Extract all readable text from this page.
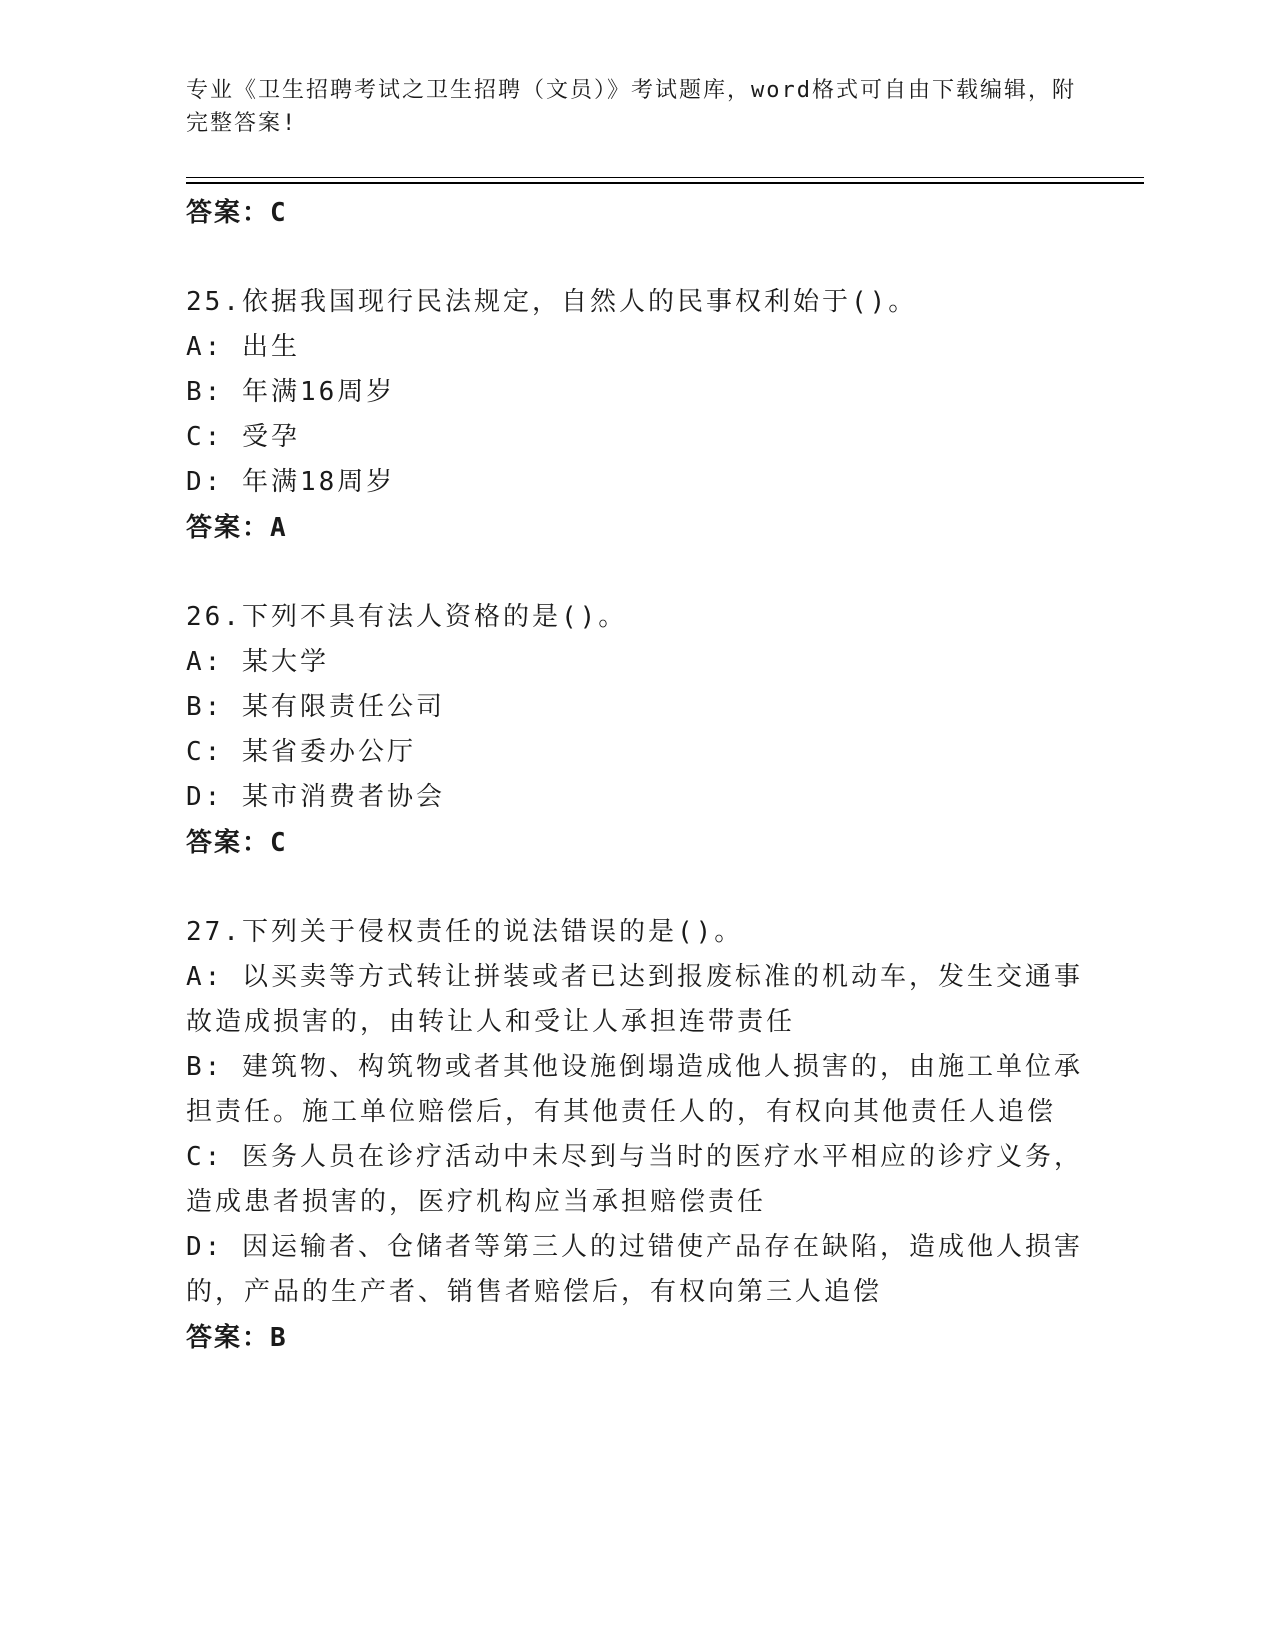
专业《卫生招聘考试之卫生招聘（文员）》考试题库，word格式可自由下载编辑，附完整答案!
答案：C
25.依据我国现行民法规定，自然人的民事权利始于()。
A: 出生
B: 年满16周岁
C: 受孕
D: 年满18周岁
答案：A
26.下列不具有法人资格的是()。
A: 某大学
B: 某有限责任公司
C: 某省委办公厅
D: 某市消费者协会
答案：C
27.下列关于侵权责任的说法错误的是()。
A: 以买卖等方式转让拼装或者已达到报废标准的机动车，发生交通事故造成损害的，由转让人和受让人承担连带责任
B: 建筑物、构筑物或者其他设施倒塌造成他人损害的，由施工单位承担责任。施工单位赔偿后，有其他责任人的，有权向其他责任人追偿
C: 医务人员在诊疗活动中未尽到与当时的医疗水平相应的诊疗义务，造成患者损害的，医疗机构应当承担赔偿责任
D: 因运输者、仓储者等第三人的过错使产品存在缺陷，造成他人损害的，产品的生产者、销售者赔偿后，有权向第三人追偿
答案：B
